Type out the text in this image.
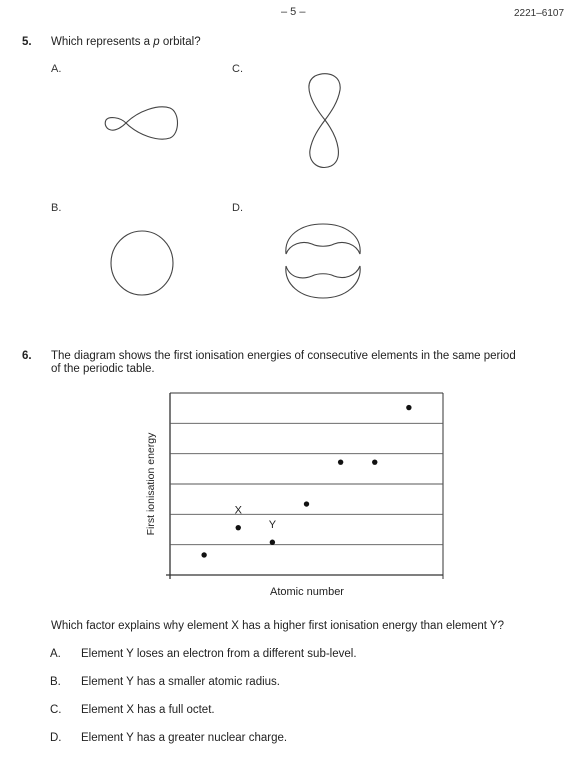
– 5 –	2221–6107
5. Which represents a p orbital?
A.	C.
B.	D.
6. The diagram shows the first ionisation energies of consecutive elements in the same period
of the periodic table.
X
Y
Atomic number
First ionisation energy
Which factor explains why element X has a higher first ionisation energy than element Y?
A. Element Y loses an electron from a different sub-level.
B. Element Y has a smaller atomic radius.
C. Element X has a full octet.
D. Element Y has a greater nuclear charge.
